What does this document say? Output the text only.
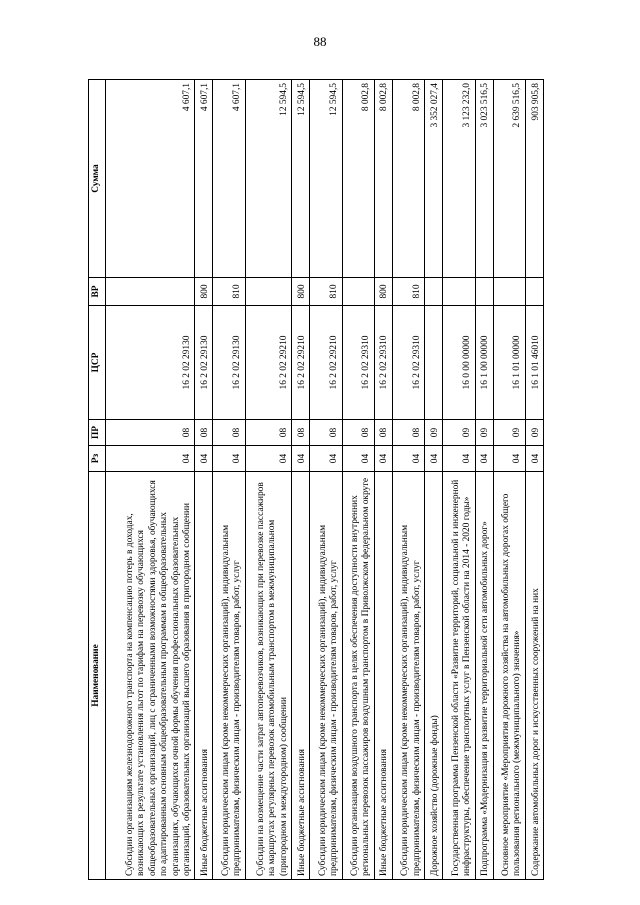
88
Наименование	Рз	ПР	ЦСР	ВР	Сумма
Субсидии организациям железнодорожного транспорта на компенсацию потерь в доходах, возникающих в результате установления льгот по тарифам на перевозку обучающихся общеобразовательных организаций, лиц с ограниченными возможностями здоровья, обучающихся по адаптированным основным общеобразовательным программам в общеобразовательных организациях, обучающихся очной формы обучения профессиональных образовательных организаций, образовательных организаций высшего образования в пригородном сообщении	04	08	16 2 02 29130		4 607,1
Иные бюджетные ассигнования	04	08	16 2 02 29130	800	4 607,1
Субсидии юридическим лицам (кроме некоммерческих организаций), индивидуальным предпринимателям, физическим лицам - производителям товаров, работ, услуг	04	08	16 2 02 29130	810	4 607,1
Субсидии на возмещение части затрат автоперевозчиков, возникающих при перевозке пассажиров на маршрутах регулярных перевозок автомобильным транспортом в межмуниципальном (пригородном и междугородном) сообщении	04	08	16 2 02 29210		12 594,5
Иные бюджетные ассигнования	04	08	16 2 02 29210	800	12 594,5
Субсидии юридическим лицам (кроме некоммерческих организаций), индивидуальным предпринимателям, физическим лицам - производителям товаров, работ, услуг	04	08	16 2 02 29210	810	12 594,5
Субсидии организациям воздушного транспорта в целях обеспечения доступности внутренних региональных перевозок пассажиров воздушным транспортом в Приволжском федеральном округе	04	08	16 2 02 29310		8 002,8
Иные бюджетные ассигнования	04	08	16 2 02 29310	800	8 002,8
Субсидии юридическим лицам (кроме некоммерческих организаций), индивидуальным предпринимателям, физическим лицам - производителям товаров, работ, услуг	04	08	16 2 02 29310	810	8 002,8
Дорожное хозяйство (дорожные фонды)	04	09			3 352 027,4
Государственная программа Пензенской области «Развитие территорий, социальной и инженерной инфраструктуры, обеспечение транспортных услуг в Пензенской области на 2014 - 2020 годы»	04	09	16 0 00 00000		3 123 232,0
Подпрограмма «Модернизация и развитие территориальной сети автомобильных дорог»	04	09	16 1 00 00000		3 023 516,5
Основное мероприятие «Мероприятия дорожного хозяйства на автомобильных дорогах общего пользования регионального (межмуниципального) значения»	04	09	16 1 01 00000		2 639 516,5
Содержание автомобильных дорог и искусственных сооружений на них	04	09	16 1 01 46010		903 905,8
